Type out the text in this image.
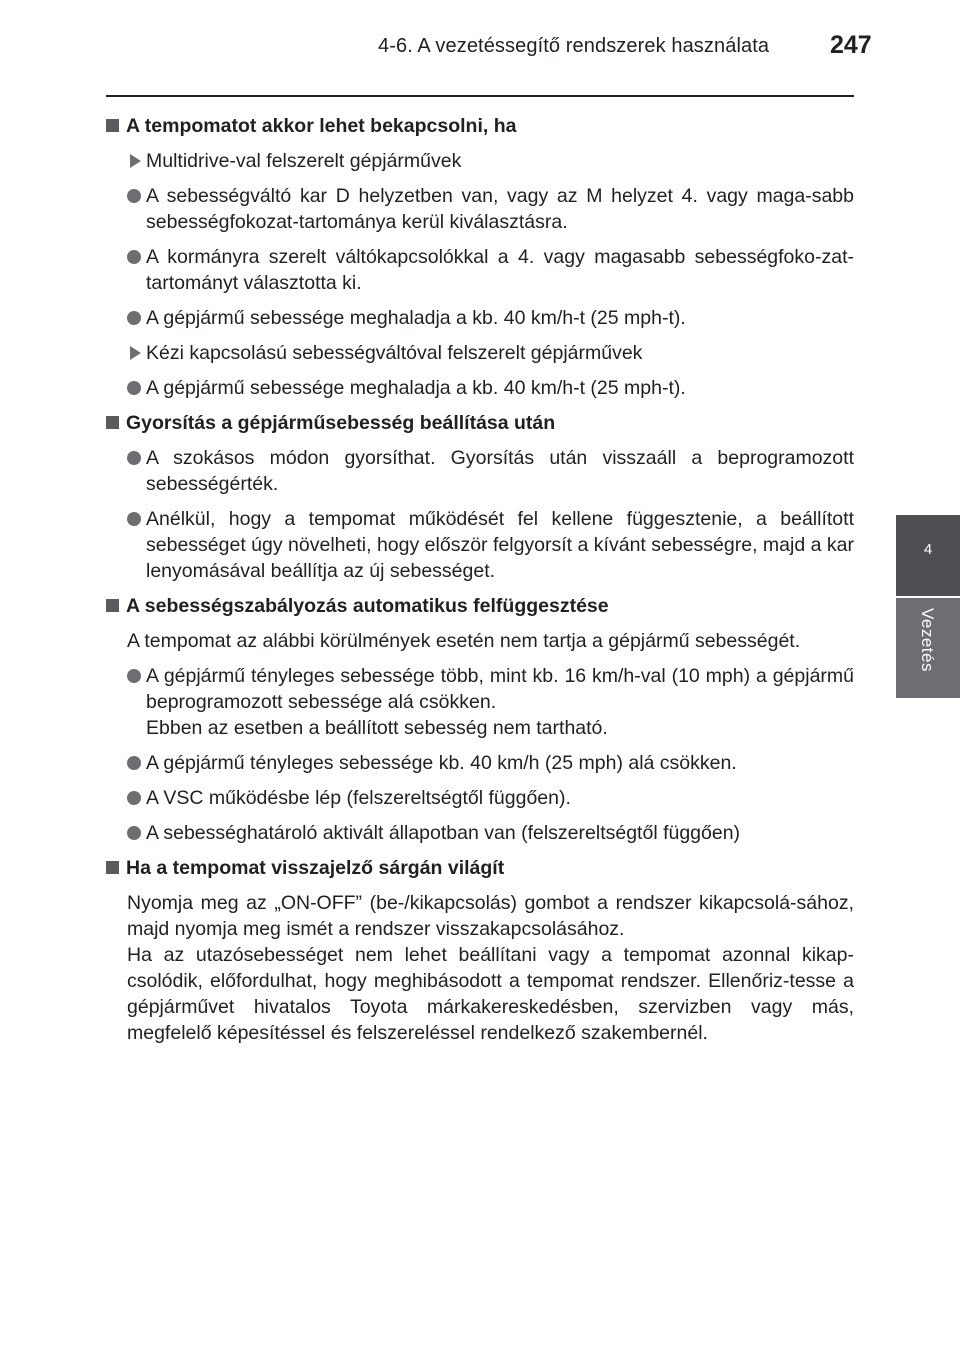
4-6. A vezetéssegítő rendszerek használata 247
4
Vezetés
A tempomatot akkor lehet bekapcsolni, ha
Multidrive-val felszerelt gépjárművek
A sebességváltó kar D helyzetben van, vagy az M helyzet 4. vagy maga-sabb sebességfokozat-tartománya kerül kiválasztásra.
A kormányra szerelt váltókapcsolókkal a 4. vagy magasabb sebességfoko-zat-tartományt választotta ki.
A gépjármű sebessége meghaladja a kb. 40 km/h-t (25 mph-t).
Kézi kapcsolású sebességváltóval felszerelt gépjárművek
A gépjármű sebessége meghaladja a kb. 40 km/h-t (25 mph-t).
Gyorsítás a gépjárműsebesség beállítása után
A szokásos módon gyorsíthat. Gyorsítás után visszaáll a beprogramozott sebességérték.
Anélkül, hogy a tempomat működését fel kellene függesztenie, a beállított sebességet úgy növelheti, hogy először felgyorsít a kívánt sebességre, majd a kar lenyomásával beállítja az új sebességet.
A sebességszabályozás automatikus felfüggesztése
A tempomat az alábbi körülmények esetén nem tartja a gépjármű sebességét.
A gépjármű tényleges sebessége több, mint kb. 16 km/h-val (10 mph) a gépjármű beprogramozott sebessége alá csökken.
Ebben az esetben a beállított sebesség nem tartható.
A gépjármű tényleges sebessége kb. 40 km/h (25 mph) alá csökken.
A VSC működésbe lép (felszereltségtől függően).
A sebességhatároló aktivált állapotban van (felszereltségtől függően)
Ha a tempomat visszajelző sárgán világít
Nyomja meg az „ON-OFF” (be-/kikapcsolás) gombot a rendszer kikapcsolá-sához, majd nyomja meg ismét a rendszer visszakapcsolásához.
Ha az utazósebességet nem lehet beállítani vagy a tempomat azonnal kikap-csolódik, előfordulhat, hogy meghibásodott a tempomat rendszer. Ellenőriz-tesse a gépjárművet hivatalos Toyota márkakereskedésben, szervizben vagy más, megfelelő képesítéssel és felszereléssel rendelkező szakembernél.
